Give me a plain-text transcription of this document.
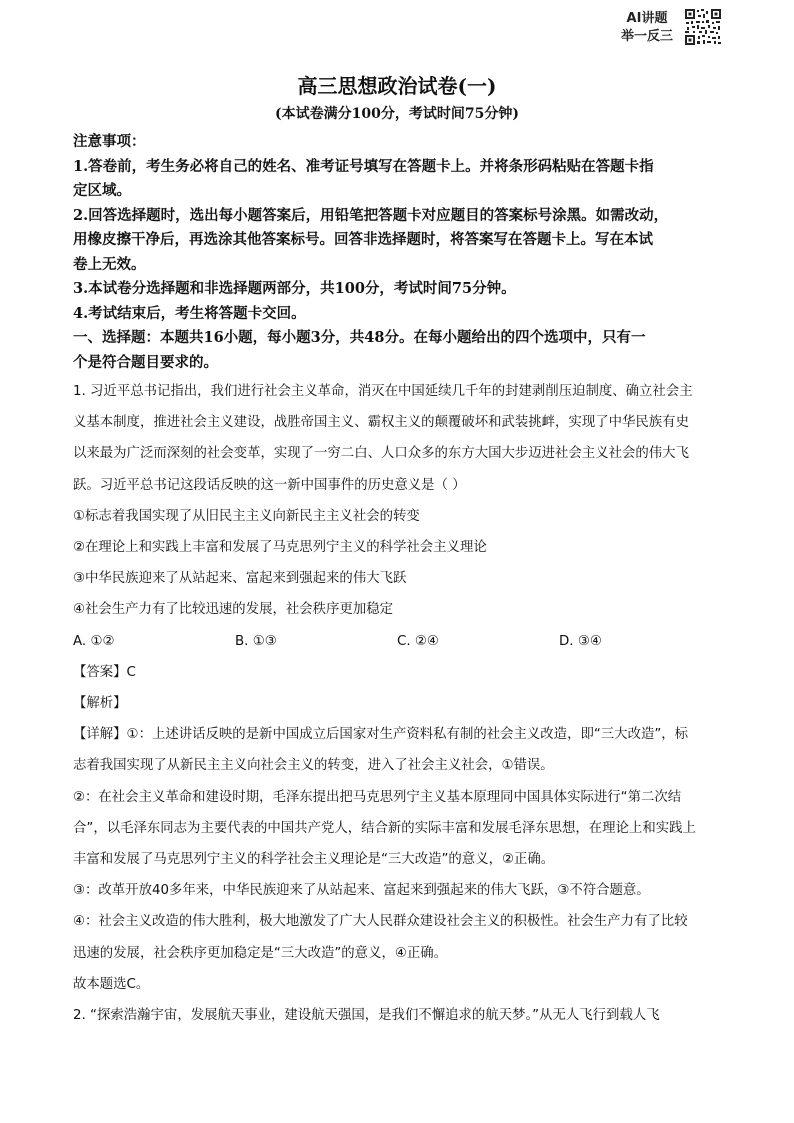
AI讲题
举一反三
高三思想政治试卷(一)
(本试卷满分100分，考试时间75分钟)

注意事项：

1.答卷前，考生务必将自己的姓名、准考证号填写在答题卡上。并将条形码粘贴在答题卡指

定区域。

2.回答选择题时，选出每小题答案后，用铅笔把答题卡对应题目的答案标号涂黑。如需改动，

用橡皮擦干净后，再选涂其他答案标号。回答非选择题时，将答案写在答题卡上。写在本试

卷上无效。

3.本试卷分选择题和非选择题两部分，共100分，考试时间75分钟。

4.考试结束后，考生将答题卡交回。

一、选择题：本题共16小题，每小题3分，共48分。在每小题给出的四个选项中，只有一

个是符合题目要求的。

1. 习近平总书记指出，我们进行社会主义革命，消灭在中国延续几千年的封建剥削压迫制度、确立社会主

义基本制度，推进社会主义建设，战胜帝国主义、霸权主义的颠覆破坏和武装挑衅，实现了中华民族有史

以来最为广泛而深刻的社会变革，实现了一穷二白、人口众多的东方大国大步迈进社会主义社会的伟大飞

跃。习近平总书记这段话反映的这一新中国事件的历史意义是（ ）

①标志着我国实现了从旧民主主义向新民主主义社会的转变

②在理论上和实践上丰富和发展了马克思列宁主义的科学社会主义理论

③中华民族迎来了从站起来、富起来到强起来的伟大飞跃

④社会生产力有了比较迅速的发展，社会秩序更加稳定

A. ①②	B. ①③	C. ②④	D. ③④

【答案】C

【解析】

【详解】①：上述讲话反映的是新中国成立后国家对生产资料私有制的社会主义改造，即“三大改造”，标

志着我国实现了从新民主主义向社会主义的转变，进入了社会主义社会，①错误。

②：在社会主义革命和建设时期，毛泽东提出把马克思列宁主义基本原理同中国具体实际进行“第二次结

合”，以毛泽东同志为主要代表的中国共产党人，结合新的实际丰富和发展毛泽东思想，在理论上和实践上

丰富和发展了马克思列宁主义的科学社会主义理论是“三大改造”的意义，②正确。

③：改革开放40多年来，中华民族迎来了从站起来、富起来到强起来的伟大飞跃，③不符合题意。

④：社会主义改造的伟大胜利，极大地激发了广大人民群众建设社会主义的积极性。社会生产力有了比较

迅速的发展，社会秩序更加稳定是“三大改造”的意义，④正确。

故本题选C。

2. “探索浩瀚宇宙，发展航天事业，建设航天强国，是我们不懈追求的航天梦。”从无人飞行到载人飞
